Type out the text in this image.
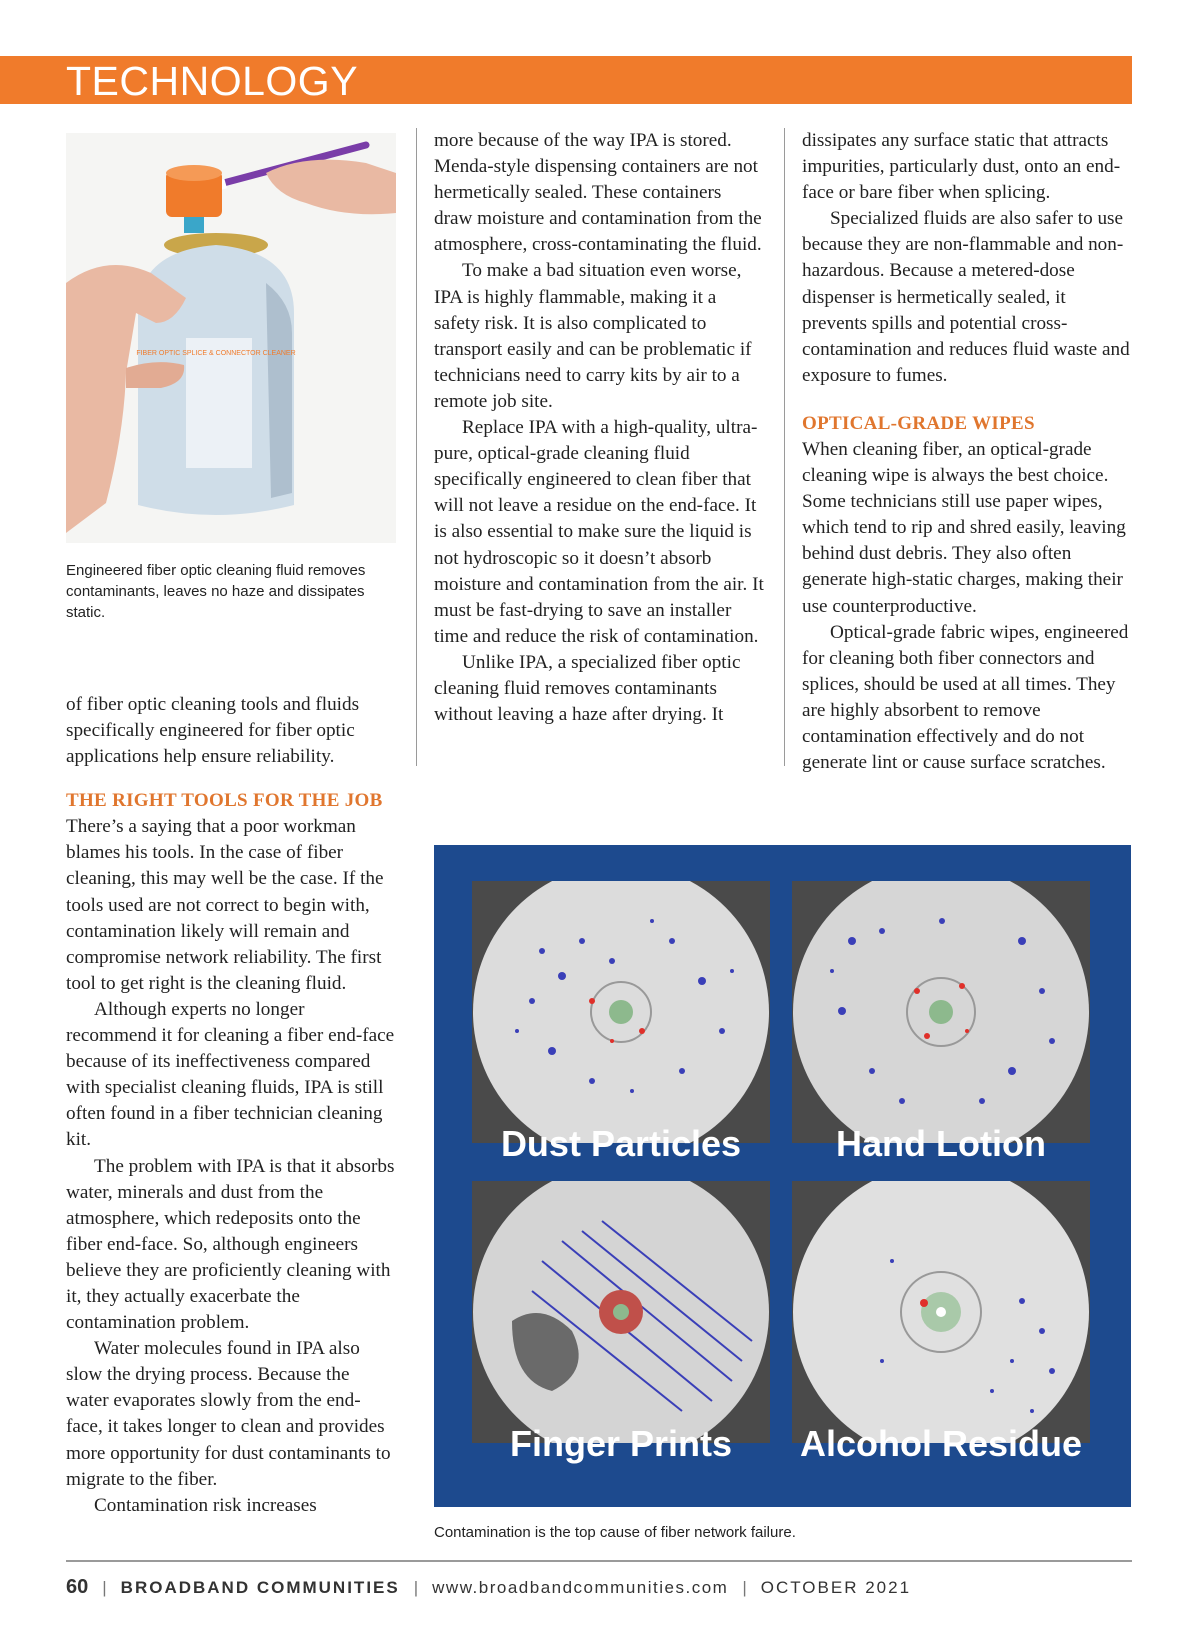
TECHNOLOGY
FIBER OPTIC SPLICE & CONNECTOR CLEANER
Engineered fiber optic cleaning fluid removes contaminants, leaves no haze and dissipates static.

of fiber optic cleaning tools and fluids specifically engineered for fiber optic applications help ensure reliability.

THE RIGHT TOOLS FOR THE JOB

There’s a saying that a poor workman blames his tools. In the case of fiber cleaning, this may well be the case. If the tools used are not correct to begin with, contamination likely will remain and compromise network reliability. The first tool to get right is the cleaning fluid.

Although experts no longer recommend it for cleaning a fiber end-face because of its ineffectiveness compared with specialist cleaning fluids, IPA is still often found in a fiber technician cleaning kit.

The problem with IPA is that it absorbs water, minerals and dust from the atmosphere, which redeposits onto the fiber end-face. So, although engineers believe they are proficiently cleaning with it, they actually exacerbate the contamination problem.

Water molecules found in IPA also slow the drying process. Because the water evaporates slowly from the end-face, it takes longer to clean and provides more opportunity for dust contaminants to migrate to the fiber.

Contamination risk increases

more because of the way IPA is stored. Menda-style dispensing containers are not hermetically sealed. These containers draw moisture and contamination from the atmosphere, cross-contaminating the fluid.

To make a bad situation even worse, IPA is highly flammable, making it a safety risk. It is also complicated to transport easily and can be problematic if technicians need to carry kits by air to a remote job site.

Replace IPA with a high-quality, ultra-pure, optical-grade cleaning fluid specifically engineered to clean fiber that will not leave a residue on the end-face. It is also essential to make sure the liquid is not hydroscopic so it doesn’t absorb moisture and contamination from the air. It must be fast-drying to save an installer time and reduce the risk of contamination.

Unlike IPA, a specialized fiber optic cleaning fluid removes contaminants without leaving a haze after drying. It

dissipates any surface static that attracts impurities, particularly dust, onto an end-face or bare fiber when splicing.

Specialized fluids are also safer to use because they are non-flammable and non-hazardous. Because a metered-dose dispenser is hermetically sealed, it prevents spills and potential cross-contamination and reduces fluid waste and exposure to fumes.

OPTICAL-GRADE WIPES

When cleaning fiber, an optical-grade cleaning wipe is always the best choice. Some technicians still use paper wipes, which tend to rip and shred easily, leaving behind dust debris. They also often generate high-static charges, making their use counterproductive.

Optical-grade fabric wipes, engineered for cleaning both fiber connectors and splices, should be used at all times. They are highly absorbent to remove contamination effectively and do not generate lint or cause surface scratches.

Dust Particles	Hand Lotion
Finger Prints	Alcohol Residue
Contamination is the top cause of fiber network failure.
60 | BROADBAND COMMUNITIES | www.broadbandcommunities.com | OCTOBER 2021
